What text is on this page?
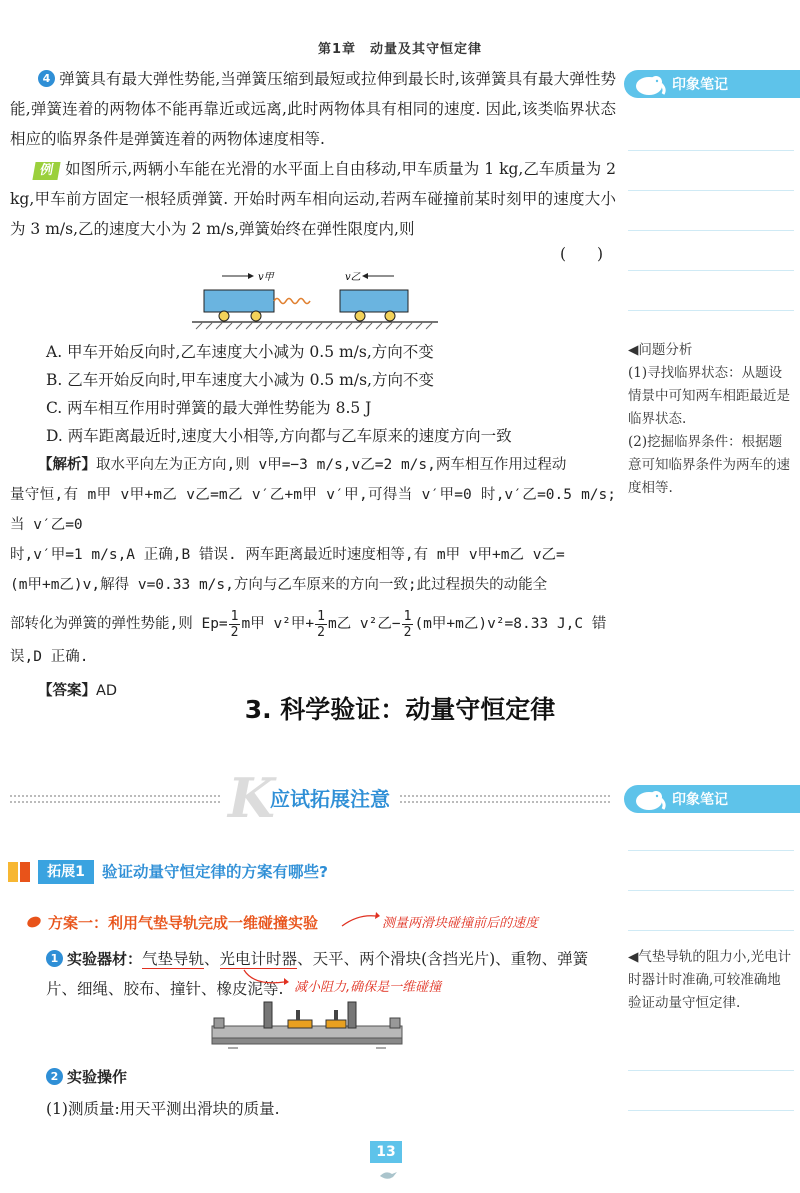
第1章　动量及其守恒定律
4 弹簧具有最大弹性势能,当弹簧压缩到最短或拉伸到最长时,该弹簧具有最大弹性势能,弹簧连着的两物体不能再靠近或远离,此时两物体具有相同的速度. 因此,该类临界状态相应的临界条件是弹簧连着的两物体速度相等.
印象笔记
例 如图所示,两辆小车能在光滑的水平面上自由移动,甲车质量为 1 kg,乙车质量为 2 kg,甲车前方固定一根轻质弹簧. 开始时两车相向运动,若两车碰撞前某时刻甲的速度大小为 3 m/s,乙的速度大小为 2 m/s,弹簧始终在弹性限度内,则
(　　)
v甲	v乙
A. 甲车开始反向时,乙车速度大小减为 0.5 m/s,方向不变
B. 乙车开始反向时,甲车速度大小减为 0.5 m/s,方向不变
C. 两车相互作用时弹簧的最大弹性势能为 8.5 J
D. 两车距离最近时,速度大小相等,方向都与乙车原来的速度方向一致
◀问题分析
(1)寻找临界状态：从题设情景中可知两车相距最近是临界状态.
(2)挖掘临界条件：根据题意可知临界条件为两车的速度相等.
【解析】取水平向左为正方向,则 v甲=−3 m/s,v乙=2 m/s,两车相互作用过程动
量守恒,有 m甲 v甲+m乙 v乙=m乙 v′乙+m甲 v′甲,可得当 v′甲=0 时,v′乙=0.5 m/s;当 v′乙=0
时,v′甲=1 m/s,A 正确,B 错误. 两车距离最近时速度相等,有 m甲 v甲+m乙 v乙=
(m甲+m乙)v,解得 v=0.33 m/s,方向与乙车原来的方向一致;此过程损失的动能全
部转化为弹簧的弹性势能,则 $Ep= \frac{1}{2}$ m甲 v²甲+ $\frac{1}{2}$ m乙 v²乙− $\frac{1}{2} (m$甲+m乙)v²=8.33 J,C 错
误,D 正确.
【答案】AD
3. 科学验证：动量守恒定律
K
应试拓展注意	印象笔记
拓展1	验证动量守恒定律的方案有哪些?
方案一：利用气垫导轨完成一维碰撞实验	测量两滑块碰撞前后的速度
1 实验器材：气垫导轨、光电计时器、天平、两个滑块(含挡光片)、重物、弹簧片、细绳、胶布、撞针、橡皮泥等. 减小阻力,确保是一维碰撞
◀气垫导轨的阻力小,光电计时器计时准确,可较准确地验证动量守恒定律.
2 实验操作
(1)测质量:用天平测出滑块的质量.
13
